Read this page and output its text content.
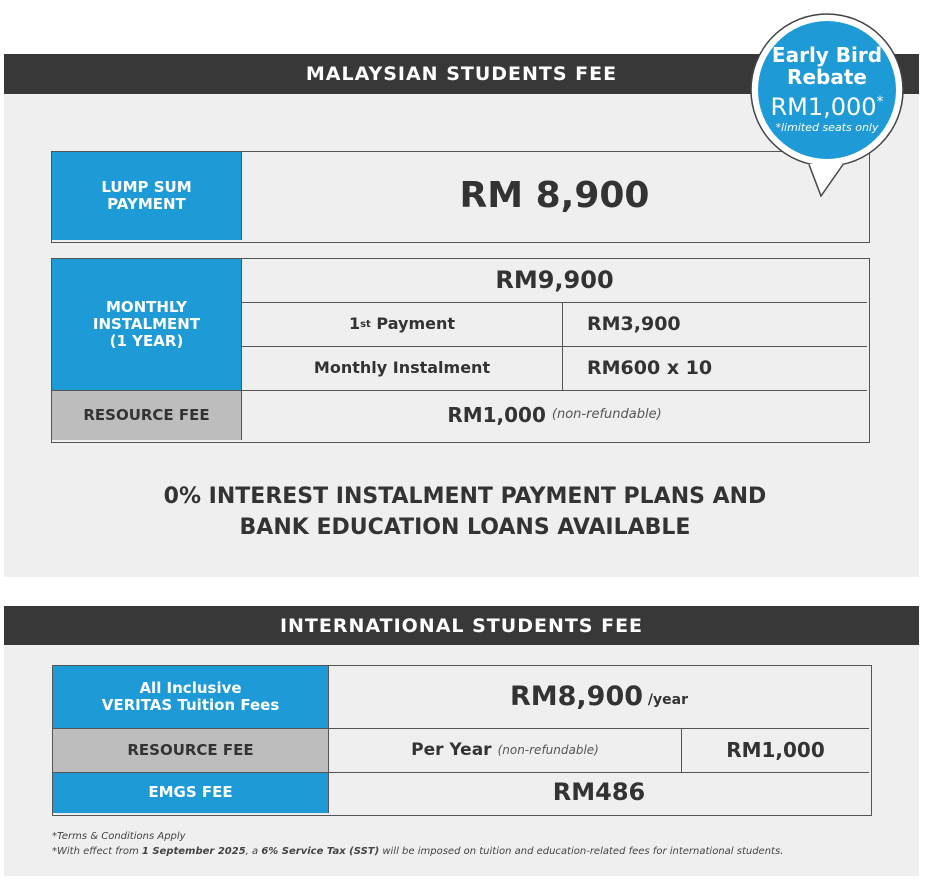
MALAYSIAN STUDENTS FEE
LUMP SUM
PAYMENT	RM 8,900
MONTHLY
INSTALMENT
(1 YEAR)
RM9,900
1 st Payment	RM3,900
Monthly Instalment	RM600 x 10
RESOURCE FEE	RM1,000 (non-refundable)
0% INTEREST INSTALMENT PAYMENT PLANS AND
BANK EDUCATION LOANS AVAILABLE
Early Bird
Rebate
RM1,000*
*limited seats only
INTERNATIONAL STUDENTS FEE
All Inclusive
VERITAS Tuition Fees	RM8,900 /year
RESOURCE FEE	Per Year (non-refundable)	RM1,000
EMGS FEE	RM486
*Terms & Conditions Apply
*With effect from 1 September 2025, a 6% Service Tax (SST) will be imposed on tuition and education-related fees for international students.
